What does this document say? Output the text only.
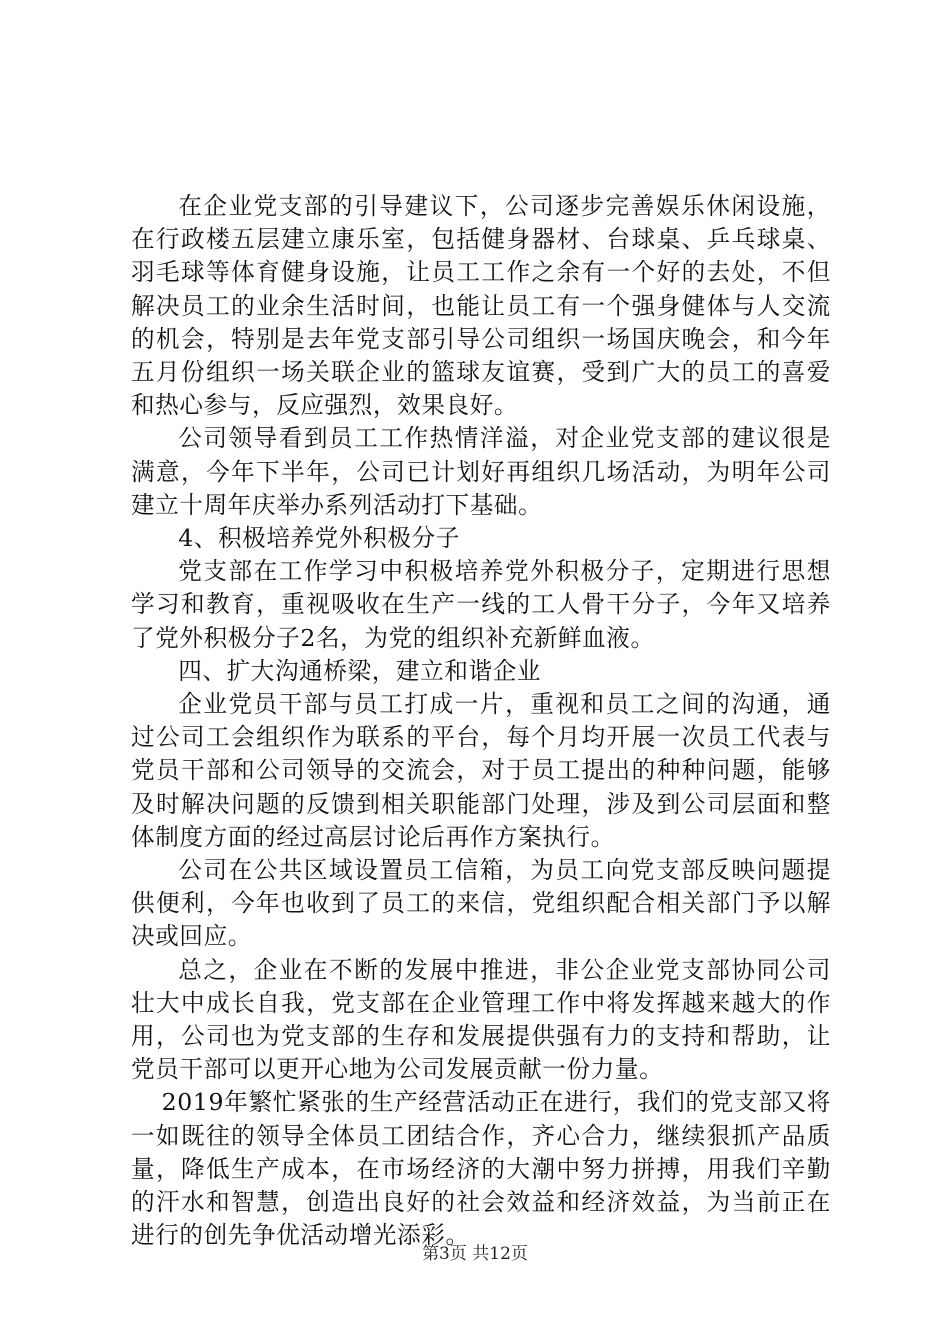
在企业党支部的引导建议下，公司逐步完善娱乐休闲设施，在行政楼五层建立康乐室，包括健身器材、台球桌、乒乓球桌、羽毛球等体育健身设施，让员工工作之余有一个好的去处，不但解决员工的业余生活时间，也能让员工有一个强身健体与人交流的机会，特别是去年党支部引导公司组织一场国庆晚会，和今年五月份组织一场关联企业的篮球友谊赛，受到广大的员工的喜爱和热心参与，反应强烈，效果良好。

公司领导看到员工工作热情洋溢，对企业党支部的建议很是满意，今年下半年，公司已计划好再组织几场活动，为明年公司建立十周年庆举办系列活动打下基础。

4、积极培养党外积极分子

党支部在工作学习中积极培养党外积极分子，定期进行思想学习和教育，重视吸收在生产一线的工人骨干分子，今年又培养了党外积极分子2名，为党的组织补充新鲜血液。

四、扩大沟通桥梁，建立和谐企业

企业党员干部与员工打成一片，重视和员工之间的沟通，通过公司工会组织作为联系的平台，每个月均开展一次员工代表与党员干部和公司领导的交流会，对于员工提出的种种问题，能够及时解决问题的反馈到相关职能部门处理，涉及到公司层面和整体制度方面的经过高层讨论后再作方案执行。

公司在公共区域设置员工信箱，为员工向党支部反映问题提供便利，今年也收到了员工的来信，党组织配合相关部门予以解决或回应。

总之，企业在不断的发展中推进，非公企业党支部协同公司壮大中成长自我，党支部在企业管理工作中将发挥越来越大的作用，公司也为党支部的生存和发展提供强有力的支持和帮助，让党员干部可以更开心地为公司发展贡献一份力量。

2019年繁忙紧张的生产经营活动正在进行，我们的党支部又将一如既往的领导全体员工团结合作，齐心合力，继续狠抓产品质量，降低生产成本，在市场经济的大潮中努力拼搏，用我们辛勤的汗水和智慧，创造出良好的社会效益和经济效益，为当前正在进行的创先争优活动增光添彩。

第3页 共12页
